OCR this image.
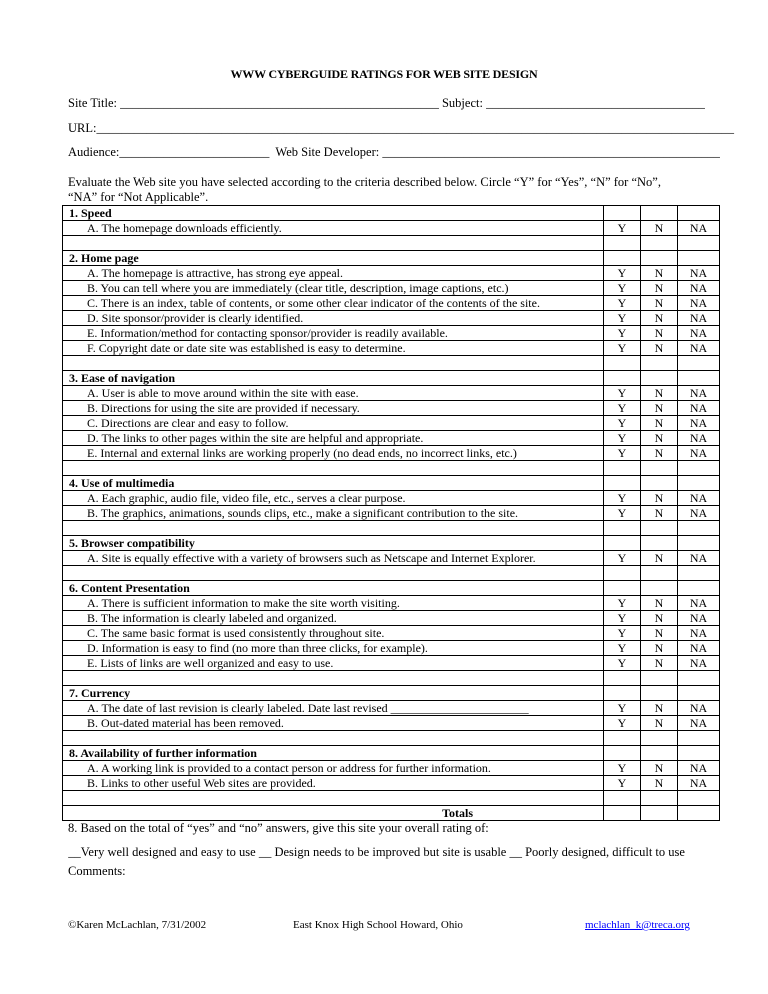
WWW CYBERGUIDE RATINGS FOR WEB SITE DESIGN
Site Title: ___________________________________________________ Subject: ___________________________________
URL:______________________________________________________________________________________________________
Audience:________________________  Web Site Developer: ______________________________________________________
Evaluate the Web site you have selected according to the criteria described below. Circle “Y” for “Yes”, “N” for “No”, “NA” for “Not Applicable”.
1. Speed			
A. The homepage downloads efficiently.	Y	N	NA

2. Home page			
A. The homepage is attractive, has strong eye appeal.	Y	N	NA
B. You can tell where you are immediately (clear title, description, image captions, etc.)	Y	N	NA
C. There is an index, table of contents, or some other clear indicator of the contents of the site.	Y	N	NA
D. Site sponsor/provider is clearly identified.	Y	N	NA
E. Information/method for contacting sponsor/provider is readily available.	Y	N	NA
F. Copyright date or date site was established is easy to determine.	Y	N	NA

3. Ease of navigation			
A. User is able to move around within the site with ease.	Y	N	NA
B. Directions for using the site are provided if necessary.	Y	N	NA
C. Directions are clear and easy to follow.	Y	N	NA
D. The links to other pages within the site are helpful and appropriate.	Y	N	NA
E. Internal and external links are working properly (no dead ends, no incorrect links, etc.)	Y	N	NA

4. Use of multimedia			
A. Each graphic, audio file, video file, etc., serves a clear purpose.	Y	N	NA
B. The graphics, animations, sounds clips, etc., make a significant contribution to the site.	Y	N	NA

5. Browser compatibility			
A. Site is equally effective with a variety of browsers such as Netscape and Internet Explorer.	Y	N	NA

6. Content Presentation			
A. There is sufficient information to make the site worth visiting.	Y	N	NA
B. The information is clearly labeled and organized.	Y	N	NA
C. The same basic format is used consistently throughout site.	Y	N	NA
D. Information is easy to find (no more than three clicks, for example).	Y	N	NA
E. Lists of links are well organized and easy to use.	Y	N	NA

7. Currency			
A. The date of last revision is clearly labeled. Date last revised _______________________	Y	N	NA
B. Out-dated material has been removed.	Y	N	NA

8. Availability of further information			
A. A working link is provided to a contact person or address for further information.	Y	N	NA
B. Links to other useful Web sites are provided.	Y	N	NA

Totals			
8. Based on the total of “yes” and “no” answers, give this site your overall rating of:
__Very well designed and easy to use __ Design needs to be improved but site is usable __ Poorly designed, difficult to use
Comments:
©Karen McLachlan, 7/31/2002	East Knox High School Howard, Ohio	mclachlan_k@treca.org
